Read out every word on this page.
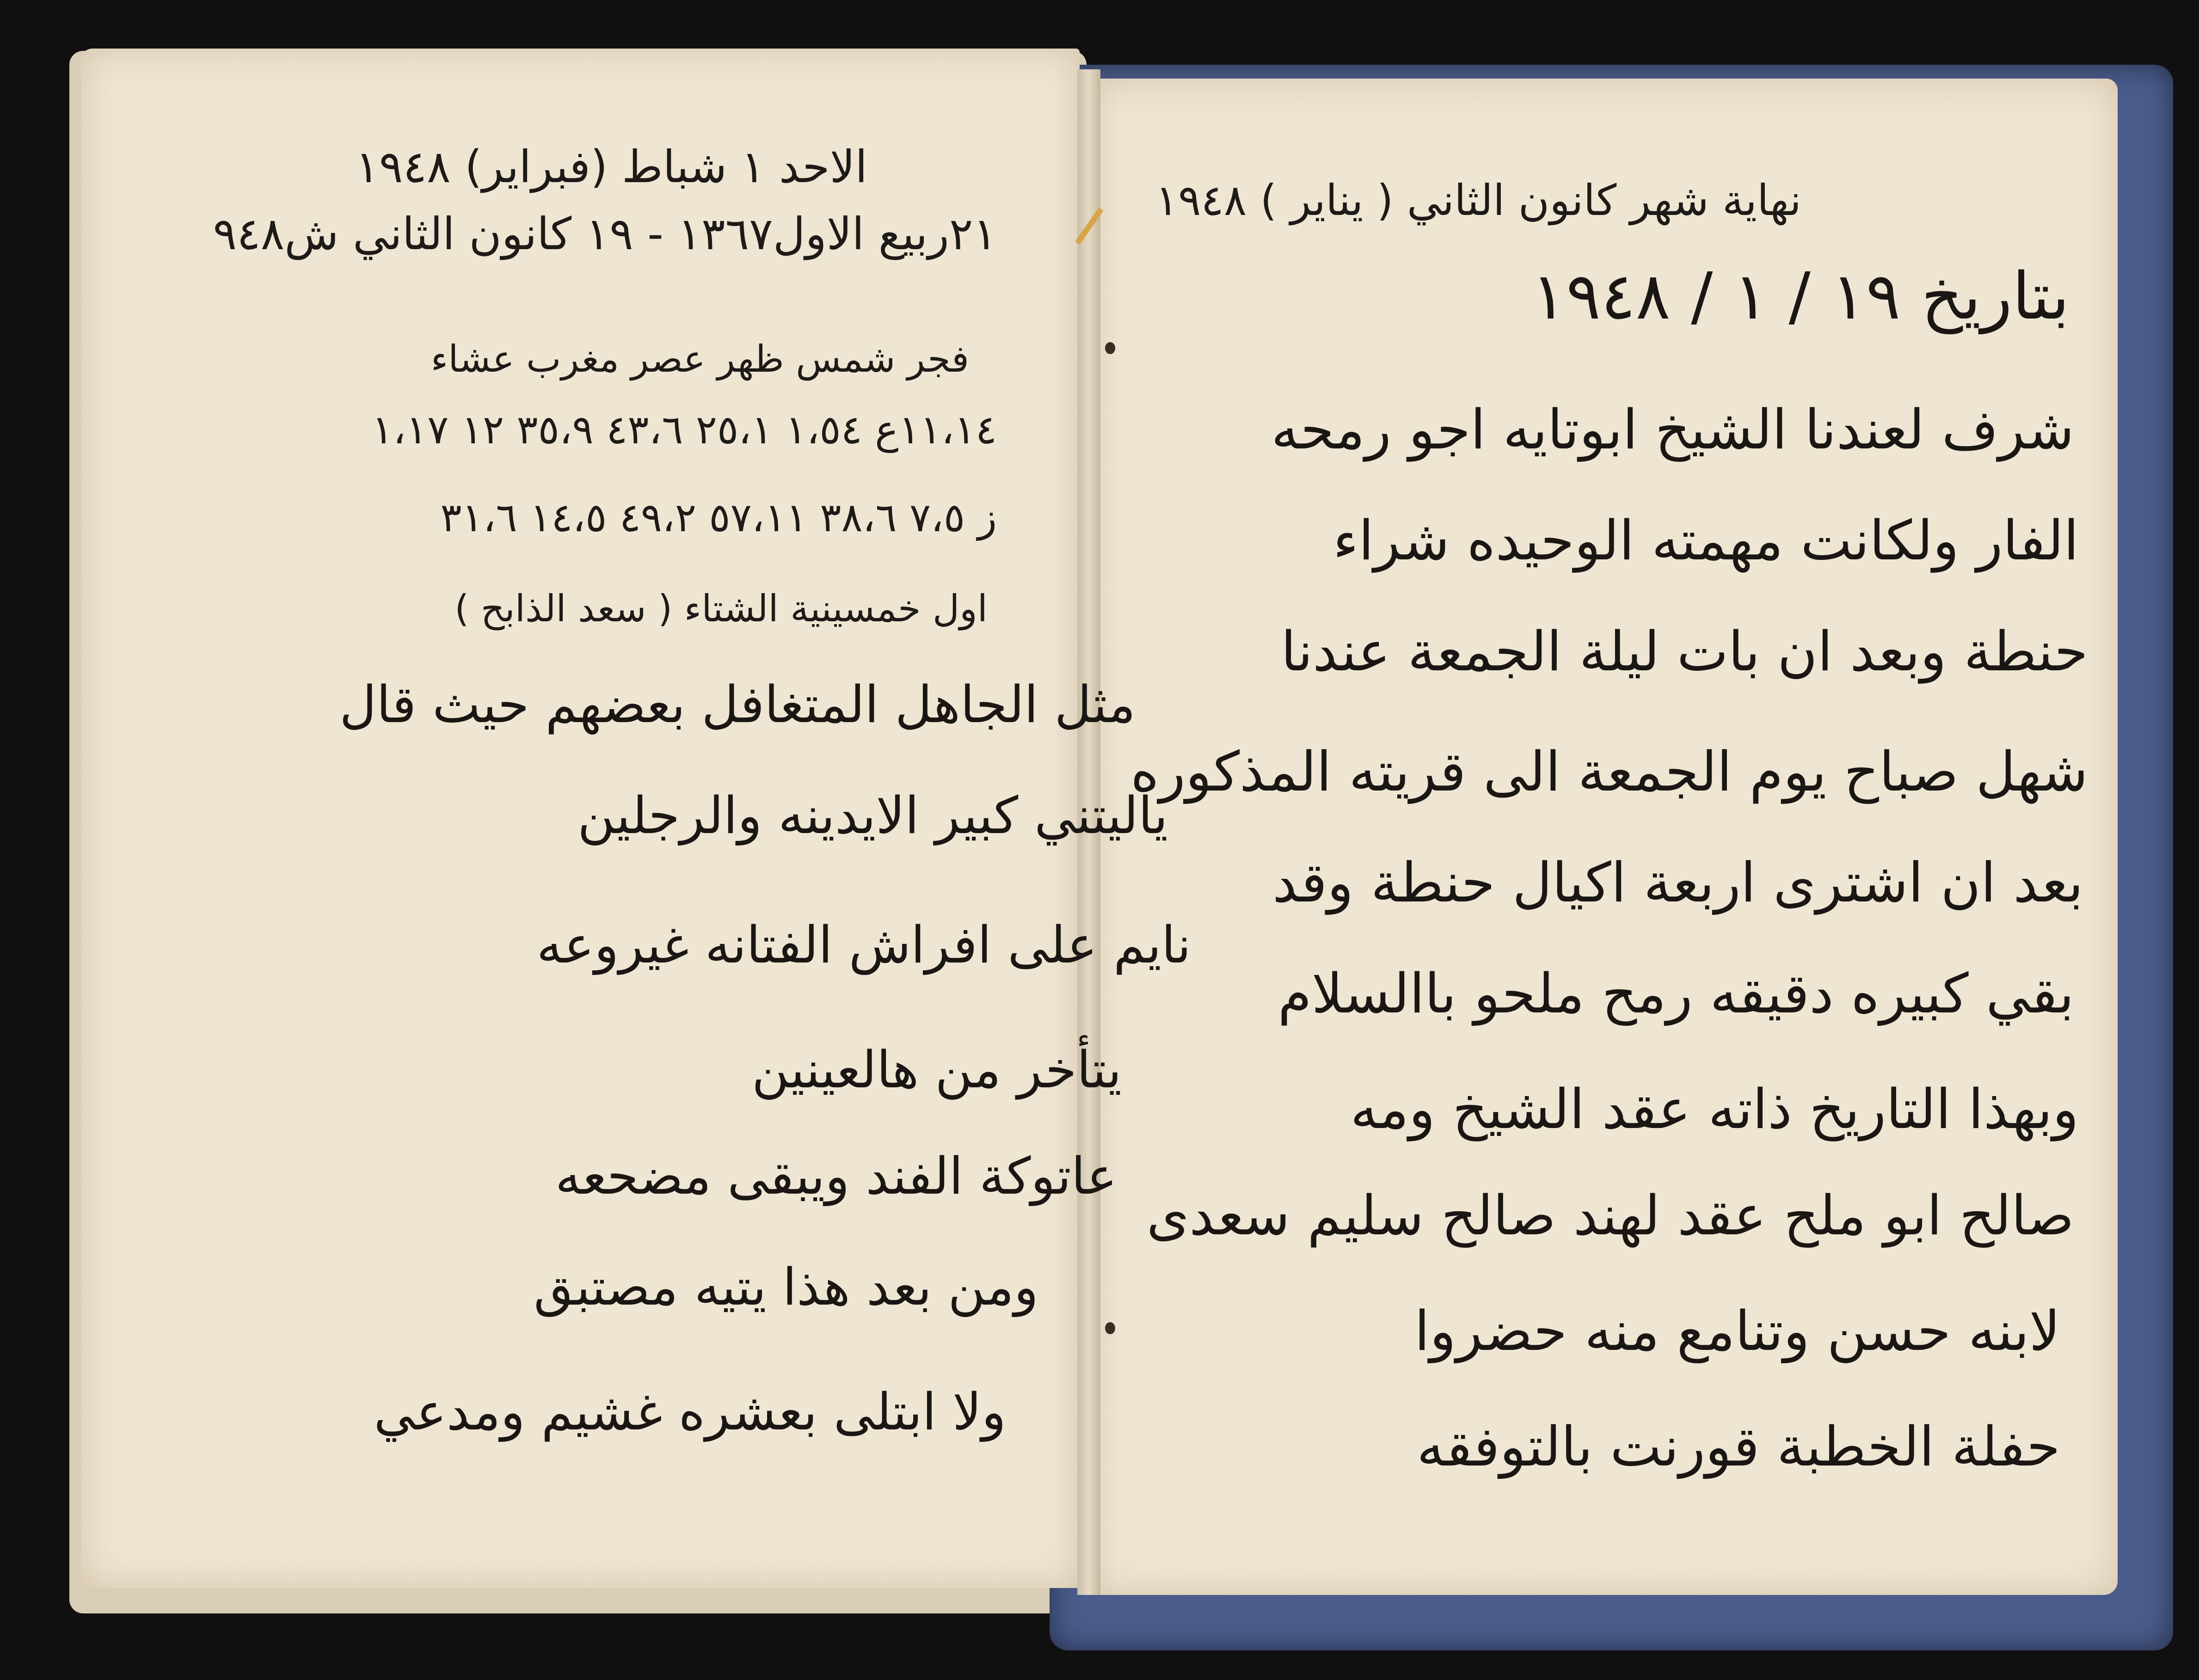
الاحد ١ شباط (فبراير) ١٩٤٨
٢١ربيع الاول١٣٦٧ - ١٩ كانون الثاني ش٩٤٨
فجر شمس ظهر عصر مغرب عشاء
١١،١٤ع ١،٥٤ ٢٥،١ ٤٣،٦ ٣٥،٩ ١٢ ١،١٧
ز ٧،٥ ٣٨،٦ ٥٧،١١ ٤٩،٢ ١٤،٥ ٣١،٦
اول خمسينية الشتاء ( سعد الذابح )
مثل الجاهل المتغافل بعضهم حيث قال
ياليتني كبير الايدينه والرجلين
نايم على افراش الفتانه غيروعه
يتأخر من هالعينين
عاتوكة الفند ويبقى مضحعه
ومن بعد هذا يتيه مصتبق
ولا ابتلى بعشره غشيم ومدعي
نهاية شهر كانون الثاني ( يناير ) ١٩٤٨
بتاريخ ١٩ / ١ / ١٩٤٨
شرف لعندنا الشيخ ابوتايه اجو رمحه
الفار ولكانت مهمته الوحيده شراء
حنطة وبعد ان بات ليلة الجمعة عندنا
شهل صباح يوم الجمعة الى قريته المذكوره
بعد ان اشترى اربعة اكيال حنطة وقد
بقي كبيره دقيقه رمح ملحو باالسلام
وبهذا التاريخ ذاته عقد الشيخ ومه
صالح ابو ملح عقد لهند صالح سليم سعدى
لابنه حسن وتنامع منه حضروا
حفلة الخطبة قورنت بالتوفقه
